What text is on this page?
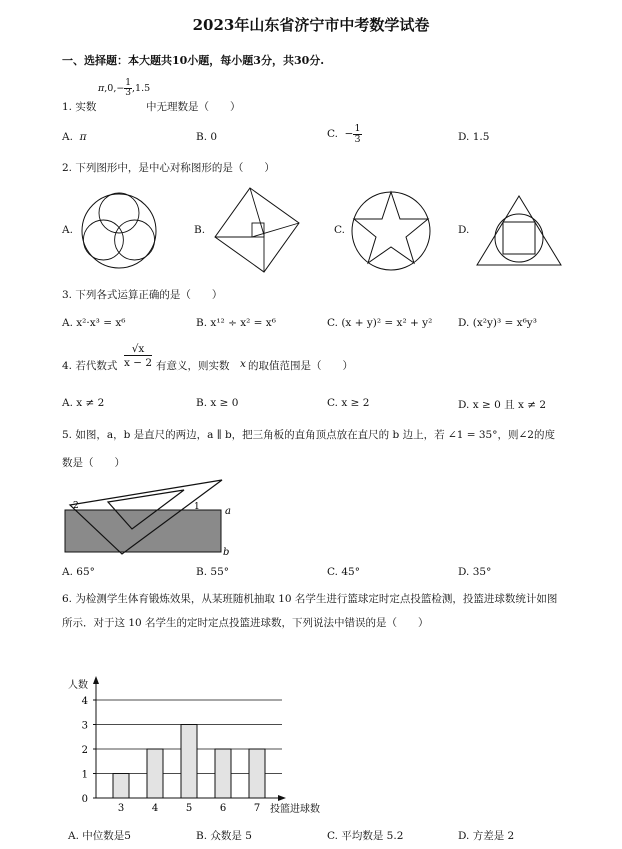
2023年山东省济宁市中考数学试卷
一、选择题：本大题共10小题，每小题3分，共30分.
$\pi,0,- \frac{1}{3} ,1.5$
1. 实数	中无理数是（　　）
A.  π	B. 0	C.  − $\frac{1}{3}$	D. 1.5
2. 下列图形中，是中心对称图形的是（　　）
A.	B.	C.	D.
3. 下列各式运算正确的是（　　）
A. x²·x³ = x⁶	B. x¹² ÷ x² = x⁶	C. (x + y)² = x² + y² D. (x²y)³ = x⁶y³
4. 若代数式 $\frac{√x}{x - 2}$ 有意义，则实数 x 的取值范围是（　　）
A. x ≠ 2	B. x ≥ 0	C. x ≥ 2	D. x ≥ 0 且 x ≠ 2
5. 如图，a，b 是直尺的两边，a ∥ b，把三角板的直角顶点放在直尺的 b 边上，若 ∠1 = 35°，则∠2的度
数是（　　）
a
b
1
2
A. 65°	B. 55°	C. 45°	D. 35°
6. 为检测学生体育锻炼效果，从某班随机抽取 10 名学生进行篮球定时定点投篮检测，投篮进球数统计如图
所示．对于这 10 名学生的定时定点投篮进球数，下列说法中错误的是（　　）
0
1
2
3
4
3	4	5	6	7
人数
投篮进球数
A. 中位数是5	B. 众数是 5	C. 平均数是 5.2	D. 方差是 2
